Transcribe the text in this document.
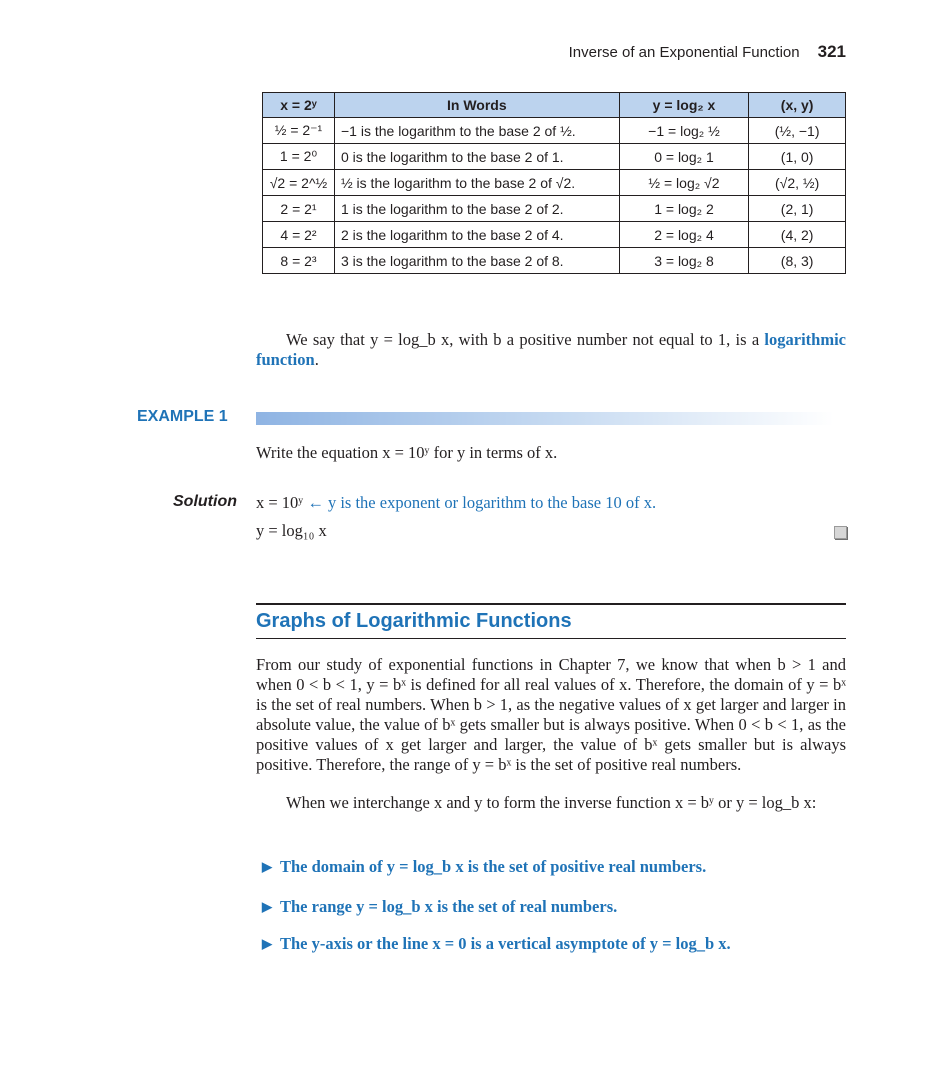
Inverse of an Exponential Function 321
x = 2ʸ	In Words	y = log₂ x	(x, y)
½ = 2⁻¹	−1 is the logarithm to the base 2 of ½.	−1 = log₂ ½	(½, −1)
1 = 2⁰	0 is the logarithm to the base 2 of 1.	0 = log₂ 1	(1, 0)
√2 = 2^½	½ is the logarithm to the base 2 of √2.	½ = log₂ √2	(√2, ½)
2 = 2¹	1 is the logarithm to the base 2 of 2.	1 = log₂ 2	(2, 1)
4 = 2²	2 is the logarithm to the base 2 of 4.	2 = log₂ 4	(4, 2)
8 = 2³	3 is the logarithm to the base 2 of 8.	3 = log₂ 8	(8, 3)
We say that y = log_b x, with b a positive number not equal to 1, is a logarithmic function.
EXAMPLE 1
Write the equation x = 10ʸ for y in terms of x.
Solution x = 10ʸ ← y is the exponent or logarithm to the base 10 of x.
y = log₁₀ x
Graphs of Logarithmic Functions
From our study of exponential functions in Chapter 7, we know that when b > 1 and when 0 < b < 1, y = bˣ is defined for all real values of x. Therefore, the domain of y = bˣ is the set of real numbers. When b > 1, as the negative values of x get larger and larger in absolute value, the value of bˣ gets smaller but is always positive. When 0 < b < 1, as the positive values of x get larger and larger, the value of bˣ gets smaller but is always positive. Therefore, the range of y = bˣ is the set of positive real numbers.
When we interchange x and y to form the inverse function x = bʸ or y = log_b x:
▶ The domain of y = log_b x is the set of positive real numbers.
▶ The range y = log_b x is the set of real numbers.
▶ The y-axis or the line x = 0 is a vertical asymptote of y = log_b x.
